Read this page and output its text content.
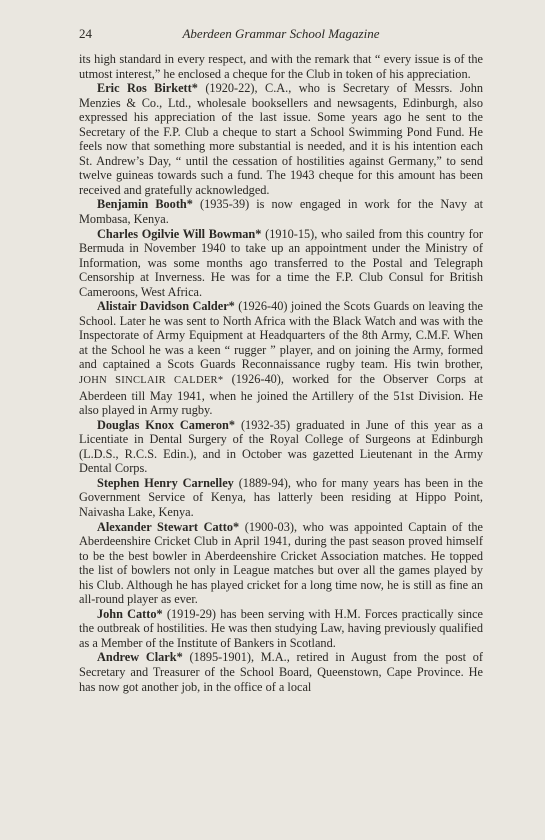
24	Aberdeen Grammar School Magazine

its high standard in every respect, and with the remark that “ every issue is of the utmost interest,” he enclosed a cheque for the Club in token of his appreciation.

Eric Ros Birkett* (1920-22), C.A., who is Secretary of Messrs. John Menzies & Co., Ltd., wholesale booksellers and newsagents, Edinburgh, also expressed his appreciation of the last issue. Some years ago he sent to the Secretary of the F.P. Club a cheque to start a School Swimming Pond Fund. He feels now that something more substantial is needed, and it is his intention each St. Andrew’s Day, “ until the cessation of hostilities against Germany,” to send twelve guineas towards such a fund. The 1943 cheque for this amount has been received and gratefully acknowledged.

Benjamin Booth* (1935-39) is now engaged in work for the Navy at Mombasa, Kenya.

Charles Ogilvie Will Bowman* (1910-15), who sailed from this country for Bermuda in November 1940 to take up an appointment under the Ministry of Information, was some months ago transferred to the Postal and Telegraph Censorship at Inverness. He was for a time the F.P. Club Consul for British Cameroons, West Africa.

Alistair Davidson Calder* (1926-40) joined the Scots Guards on leaving the School. Later he was sent to North Africa with the Black Watch and was with the Inspectorate of Army Equipment at Headquarters of the 8th Army, C.M.F. When at the School he was a keen “ rugger ” player, and on joining the Army, formed and captained a Scots Guards Reconnaissance rugby team. His twin brother, JOHN SINCLAIR CALDER* (1926-40), worked for the Observer Corps at Aberdeen till May 1941, when he joined the Artillery of the 51st Division. He also played in Army rugby.

Douglas Knox Cameron* (1932-35) graduated in June of this year as a Licentiate in Dental Surgery of the Royal College of Surgeons at Edinburgh (L.D.S., R.C.S. Edin.), and in October was gazetted Lieutenant in the Army Dental Corps.

Stephen Henry Carnelley (1889-94), who for many years has been in the Government Service of Kenya, has latterly been residing at Hippo Point, Naivasha Lake, Kenya.

Alexander Stewart Catto* (1900-03), who was appointed Captain of the Aberdeenshire Cricket Club in April 1941, during the past season proved himself to be the best bowler in Aberdeenshire Cricket Association matches. He topped the list of bowlers not only in League matches but over all the games played by his Club. Although he has played cricket for a long time now, he is still as fine an all-round player as ever.

John Catto* (1919-29) has been serving with H.M. Forces practically since the outbreak of hostilities. He was then studying Law, having previously qualified as a Member of the Institute of Bankers in Scotland.

Andrew Clark* (1895-1901), M.A., retired in August from the post of Secretary and Treasurer of the School Board, Queenstown, Cape Province. He has now got another job, in the office of a local
